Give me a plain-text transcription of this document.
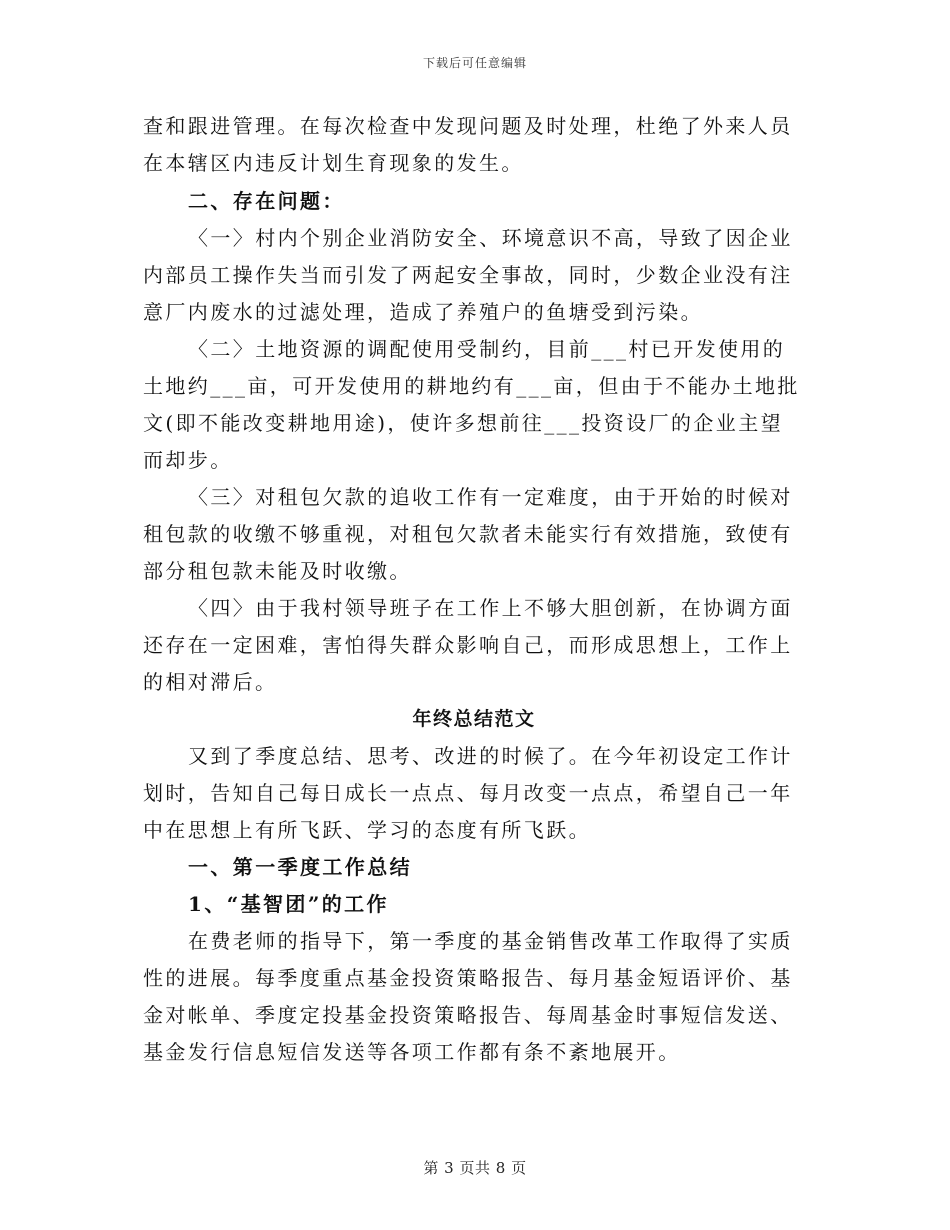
下载后可任意编辑

查和跟进管理。在每次检查中发现问题及时处理，杜绝了外来人员在本辖区内违反计划生育现象的发生。

二、存在问题：

〈一〉村内个别企业消防安全、环境意识不高，导致了因企业内部员工操作失当而引发了两起安全事故，同时，少数企业没有注意厂内废水的过滤处理，造成了养殖户的鱼塘受到污染。

〈二〉土地资源的调配使用受制约，目前___村已开发使用的土地约___亩，可开发使用的耕地约有___亩，但由于不能办土地批文(即不能改变耕地用途)，使许多想前往___投资设厂的企业主望而却步。

〈三〉对租包欠款的追收工作有一定难度，由于开始的时候对租包款的收缴不够重视，对租包欠款者未能实行有效措施，致使有部分租包款未能及时收缴。

〈四〉由于我村领导班子在工作上不够大胆创新，在协调方面还存在一定困难，害怕得失群众影响自己，而形成思想上，工作上的相对滞后。

年终总结范文

又到了季度总结、思考、改进的时候了。在今年初设定工作计划时，告知自己每日成长一点点、每月改变一点点，希望自己一年中在思想上有所飞跃、学习的态度有所飞跃。

一、第一季度工作总结

1、“基智团”的工作

在费老师的指导下，第一季度的基金销售改革工作取得了实质性的进展。每季度重点基金投资策略报告、每月基金短语评价、基金对帐单、季度定投基金投资策略报告、每周基金时事短信发送、基金发行信息短信发送等各项工作都有条不紊地展开。

第 3 页共 8 页
